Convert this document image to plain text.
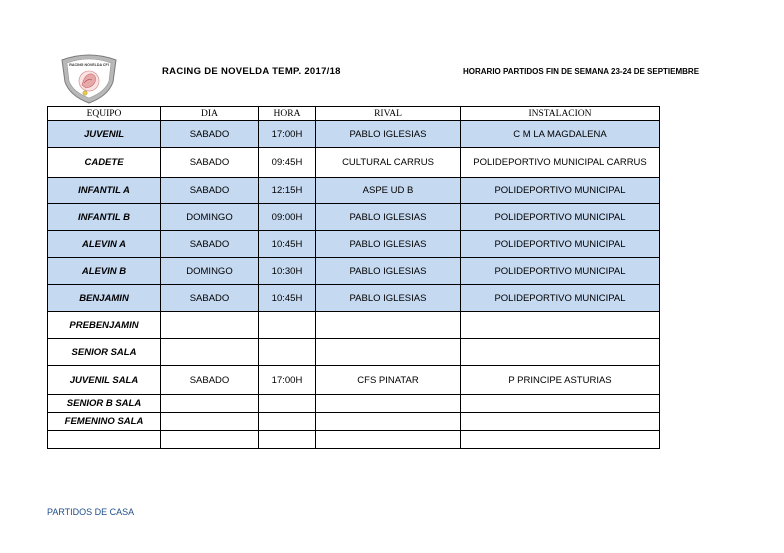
RACING NOVELDA CFI
RACING DE NOVELDA TEMP. 2017/18	HORARIO PARTIDOS FIN DE SEMANA 23-24 DE SEPTIEMBRE
EQUIPO	DIA	HORA	RIVAL	INSTALACION
JUVENIL	SABADO	17:00H	PABLO IGLESIAS	C M LA MAGDALENA
CADETE	SABADO	09:45H	CULTURAL CARRUS	POLIDEPORTIVO MUNICIPAL CARRUS
INFANTIL A	SABADO	12:15H	ASPE UD B	POLIDEPORTIVO MUNICIPAL
INFANTIL B	DOMINGO	09:00H	PABLO IGLESIAS	POLIDEPORTIVO MUNICIPAL
ALEVIN A	SABADO	10:45H	PABLO IGLESIAS	POLIDEPORTIVO MUNICIPAL
ALEVIN B	DOMINGO	10:30H	PABLO IGLESIAS	POLIDEPORTIVO MUNICIPAL
BENJAMIN	SABADO	10:45H	PABLO IGLESIAS	POLIDEPORTIVO MUNICIPAL
PREBENJAMIN				
SENIOR SALA				
JUVENIL SALA	SABADO	17:00H	CFS PINATAR	P PRINCIPE ASTURIAS
SENIOR B SALA				
FEMENINO SALA				

PARTIDOS DE CASA
